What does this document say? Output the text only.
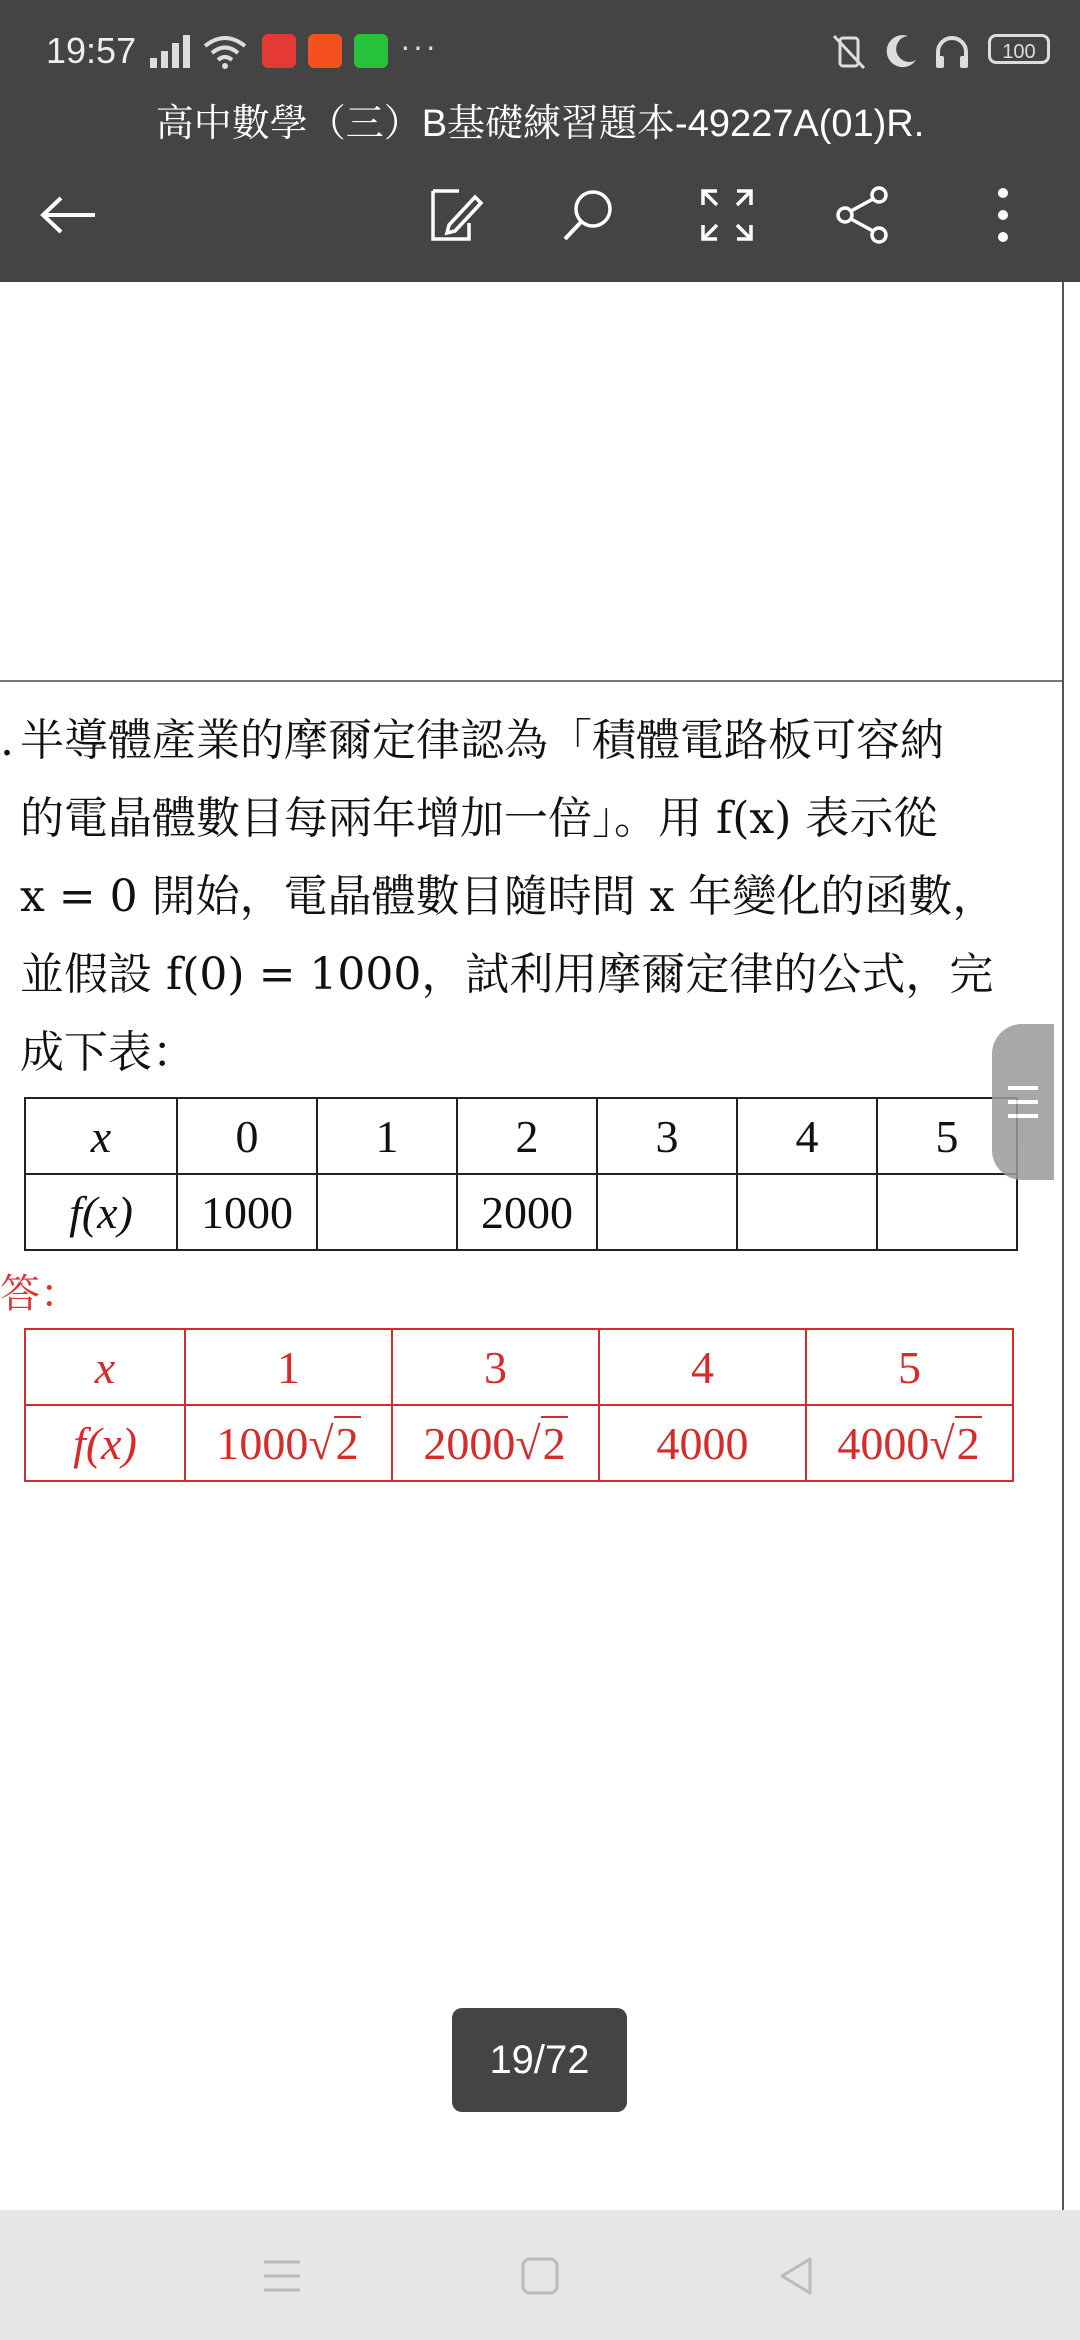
19:57	···	100
高中數學（三）B基礎練習題本-49227A(01)R.
. 半導體產業的摩爾定律認為「積體電路板可容納
的電晶體數目每兩年增加一倍」。用 f(x) 表示從
x = 0 開始，電晶體數目隨時間 x 年變化的函數，
並假設 f(0) = 1000，試利用摩爾定律的公式，完
成下表：
x	0	1	2	3	4	5
f(x)	1000		2000			
答：
x	1	3	4	5
f(x)	1000√2	2000√2	4000	4000√2
19/72
